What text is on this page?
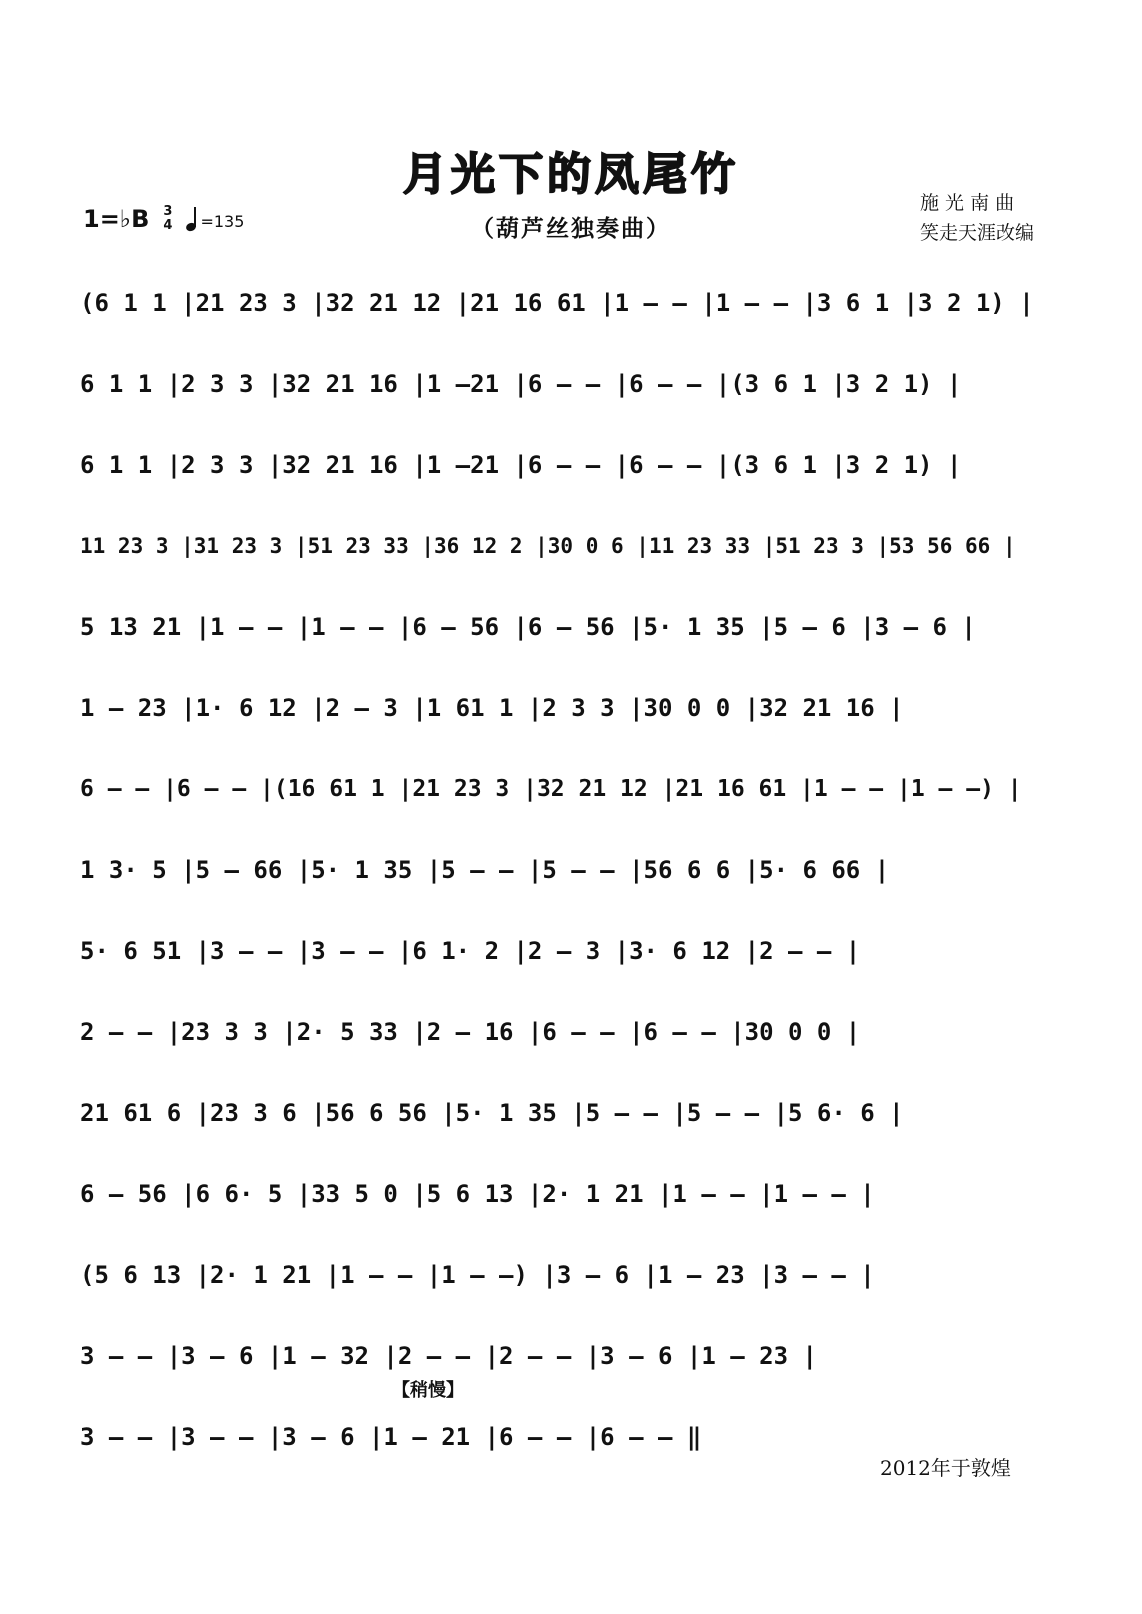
月光下的凤尾竹
（葫芦丝独奏曲）
施 光 南 曲
笑走天涯改编
1=♭B 3
4	=135
(6 1 1 |21 23 3 |32 21 12 |21 16 61 |1 – – |1 – – |3 6 1 |3 2 1) |
6 1 1 |2 3 3 |32 21 16 |1 –21 |6 – – |6 – – |(3 6 1 |3 2 1) |
6 1 1 |2 3 3 |32 21 16 |1 –21 |6 – – |6 – – |(3 6 1 |3 2 1) |
11 23 3 |31 23 3 |51 23 33 |36 12 2 |30 0 6 |11 23 33 |51 23 3 |53 56 66 |
5 13 21 |1 – – |1 – – |6 – 56 |6 – 56 |5· 1 35 |5 – 6 |3 – 6 |
1 – 23 |1· 6 12 |2 – 3 |1 61 1 |2 3 3 |30 0 0 |32 21 16 |
6 – – |6 – – |(16 61 1 |21 23 3 |32 21 12 |21 16 61 |1 – – |1 – –) |
1 3· 5 |5 – 66 |5· 1 35 |5 – – |5 – – |56 6 6 |5· 6 66 |
5· 6 51 |3 – – |3 – – |6 1· 2 |2 – 3 |3· 6 12 |2 – – |
2 – – |23 3 3 |2· 5 33 |2 – 16 |6 – – |6 – – |30 0 0 |
21 61 6 |23 3 6 |56 6 56 |5· 1 35 |5 – – |5 – – |5 6· 6 |
6 – 56 |6 6· 5 |33 5 0 |5 6 13 |2· 1 21 |1 – – |1 – – |
(5 6 13 |2· 1 21 |1 – – |1 – –) |3 – 6 |1 – 23 |3 – – |
3 – – |3 – 6 |1 – 32 |2 – – |2 – – |3 – 6 |1 – 23 |
3 – – |3 – – |3 – 6 |1 – 21 |6 – – |6 – – ‖
【稍慢】
2012年于敦煌
